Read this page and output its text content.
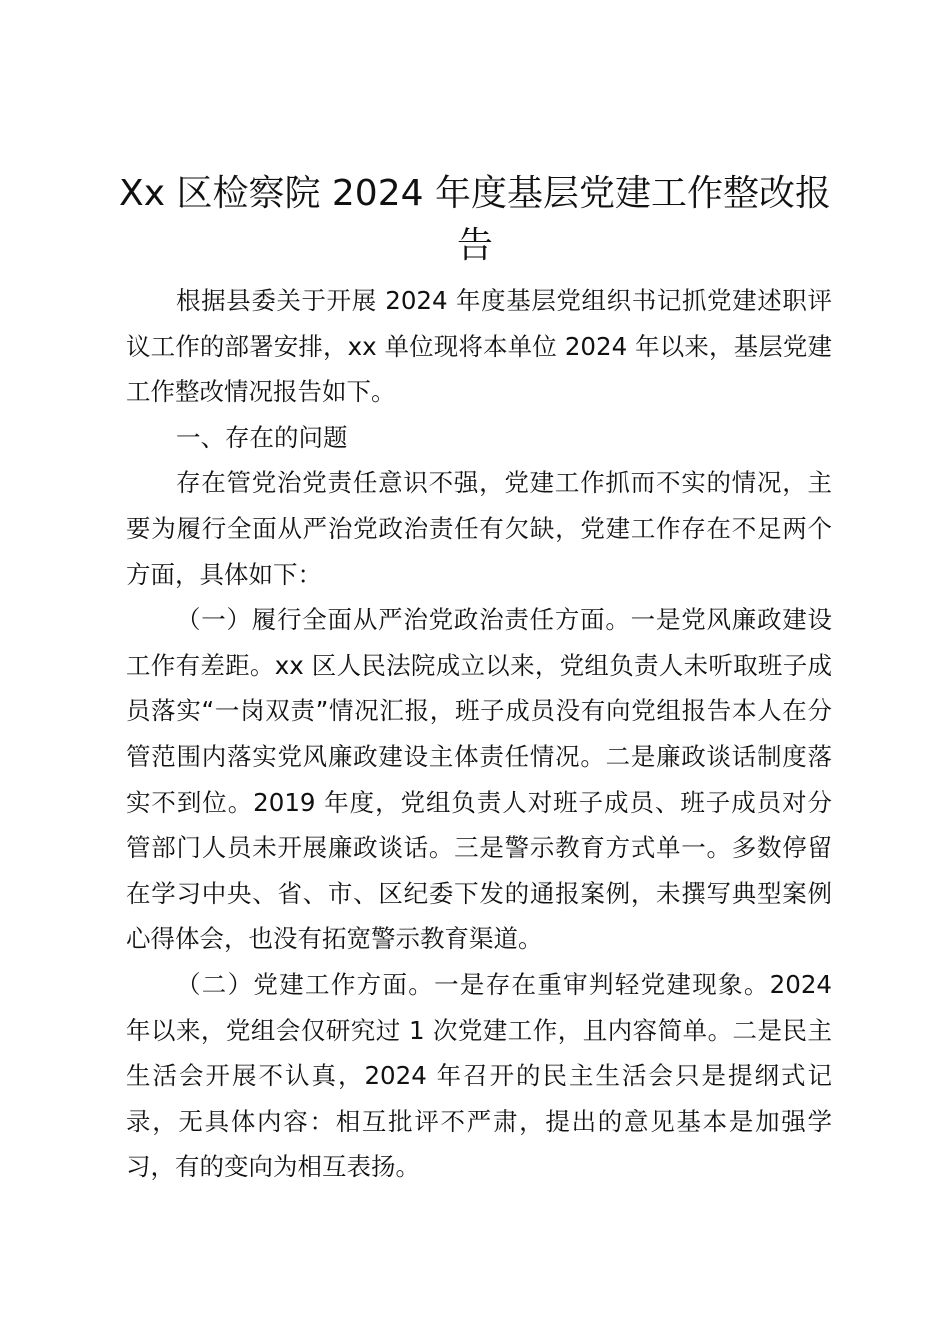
Xx 区检察院 2024 年度基层党建工作整改报告

根据县委关于开展 2024 年度基层党组织书记抓党建述职评议工作的部署安排，xx 单位现将本单位 2024 年以来，基层党建工作整改情况报告如下。

一、存在的问题

存在管党治党责任意识不强，党建工作抓而不实的情况，主要为履行全面从严治党政治责任有欠缺，党建工作存在不足两个方面，具体如下：

（一）履行全面从严治党政治责任方面。一是党风廉政建设工作有差距。xx 区人民法院成立以来，党组负责人未听取班子成员落实“一岗双责”情况汇报，班子成员没有向党组报告本人在分管范围内落实党风廉政建设主体责任情况。二是廉政谈话制度落实不到位。2019 年度，党组负责人对班子成员、班子成员对分管部门人员未开展廉政谈话。三是警示教育方式单一。多数停留在学习中央、省、市、区纪委下发的通报案例，未撰写典型案例心得体会，也没有拓宽警示教育渠道。

（二）党建工作方面。一是存在重审判轻党建现象。2024 年以来，党组会仅研究过 1 次党建工作，且内容简单。二是民主生活会开展不认真，2024 年召开的民主生活会只是提纲式记录，无具体内容：相互批评不严肃，提出的意见基本是加强学习，有的变向为相互表扬。
